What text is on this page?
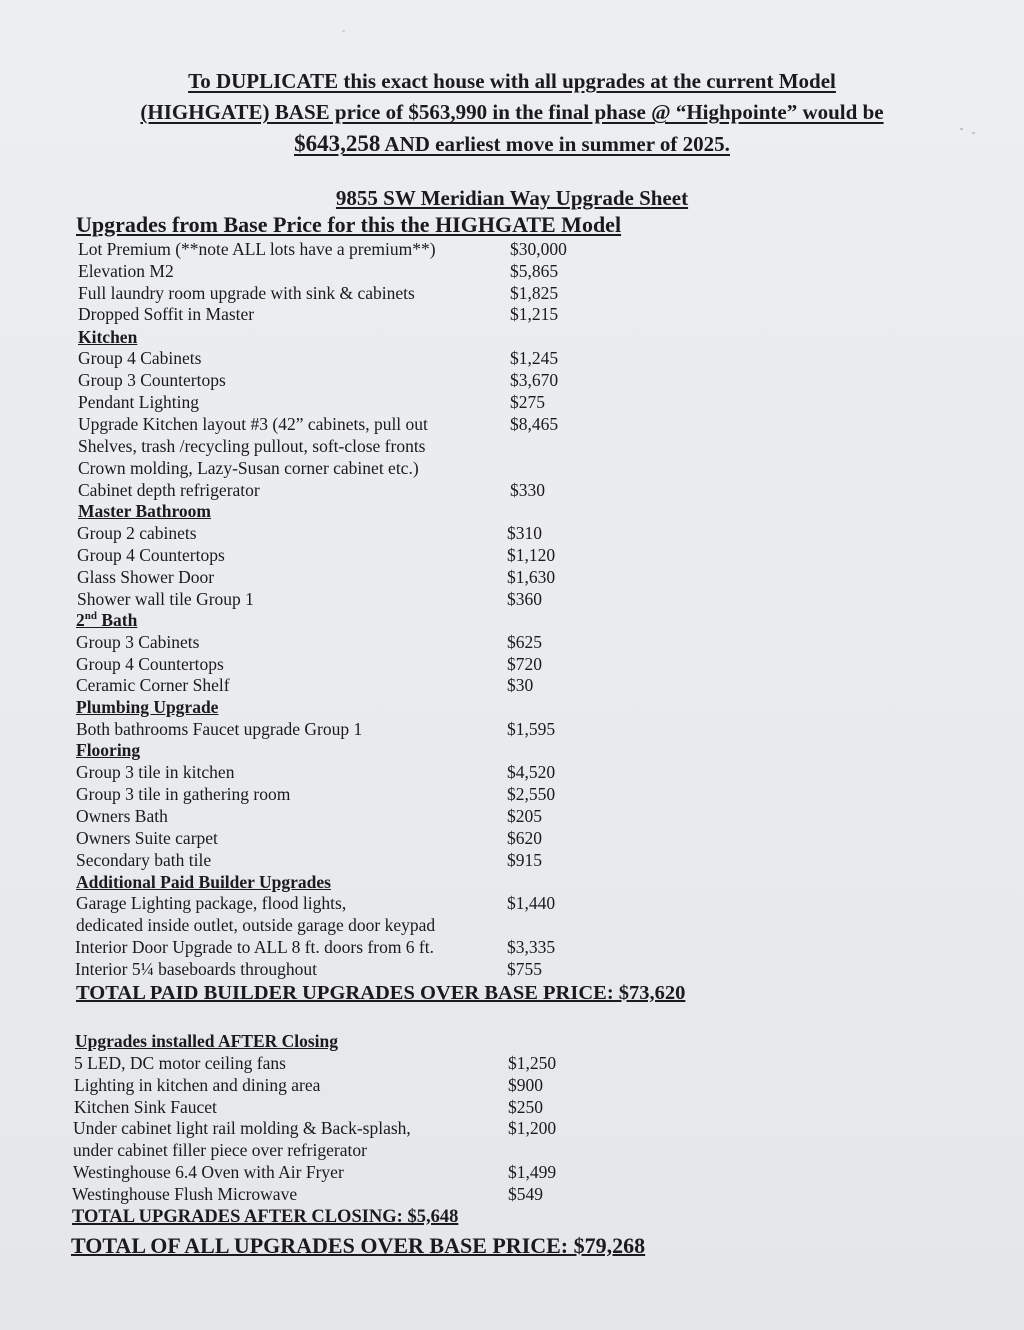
To DUPLICATE this exact house with all upgrades at the current Model
(HIGHGATE) BASE price of $563,990 in the final phase @ “Highpointe” would be
$643,258 AND earliest move in summer of 2025.
9855 SW Meridian Way Upgrade Sheet
Upgrades from Base Price for this the HIGHGATE Model
Lot Premium (**note ALL lots have a premium**)	$30,000
Elevation M2	$5,865
Full laundry room upgrade with sink & cabinets	$1,825
Dropped Soffit in Master	$1,215
Kitchen
Group 4 Cabinets	$1,245
Group 3 Countertops	$3,670
Pendant Lighting	$275
Upgrade Kitchen layout #3 (42” cabinets, pull out	$8,465
Shelves, trash /recycling pullout, soft-close fronts
Crown molding, Lazy-Susan corner cabinet etc.)
Cabinet depth refrigerator	$330
Master Bathroom
Group 2 cabinets	$310
Group 4 Countertops	$1,120
Glass Shower Door	$1,630
Shower wall tile Group 1	$360
2nd Bath
Group 3 Cabinets	$625
Group 4 Countertops	$720
Ceramic Corner Shelf	$30
Plumbing Upgrade
Both bathrooms Faucet upgrade Group 1	$1,595
Flooring
Group 3 tile in kitchen	$4,520
Group 3 tile in gathering room	$2,550
Owners Bath	$205
Owners Suite carpet	$620
Secondary bath tile	$915
Additional Paid Builder Upgrades
Garage Lighting package, flood lights,	$1,440
dedicated inside outlet, outside garage door keypad
Interior Door Upgrade to ALL 8 ft. doors from 6 ft.	$3,335
Interior 5¼ baseboards throughout	$755
TOTAL PAID BUILDER UPGRADES OVER BASE PRICE: $73,620
Upgrades installed AFTER Closing
5 LED, DC motor ceiling fans	$1,250
Lighting in kitchen and dining area	$900
Kitchen Sink Faucet	$250
Under cabinet light rail molding & Back-splash,	$1,200
under cabinet filler piece over refrigerator
Westinghouse 6.4 Oven with Air Fryer	$1,499
Westinghouse Flush Microwave	$549
TOTAL UPGRADES AFTER CLOSING: $5,648
TOTAL OF ALL UPGRADES OVER BASE PRICE: $79,268
